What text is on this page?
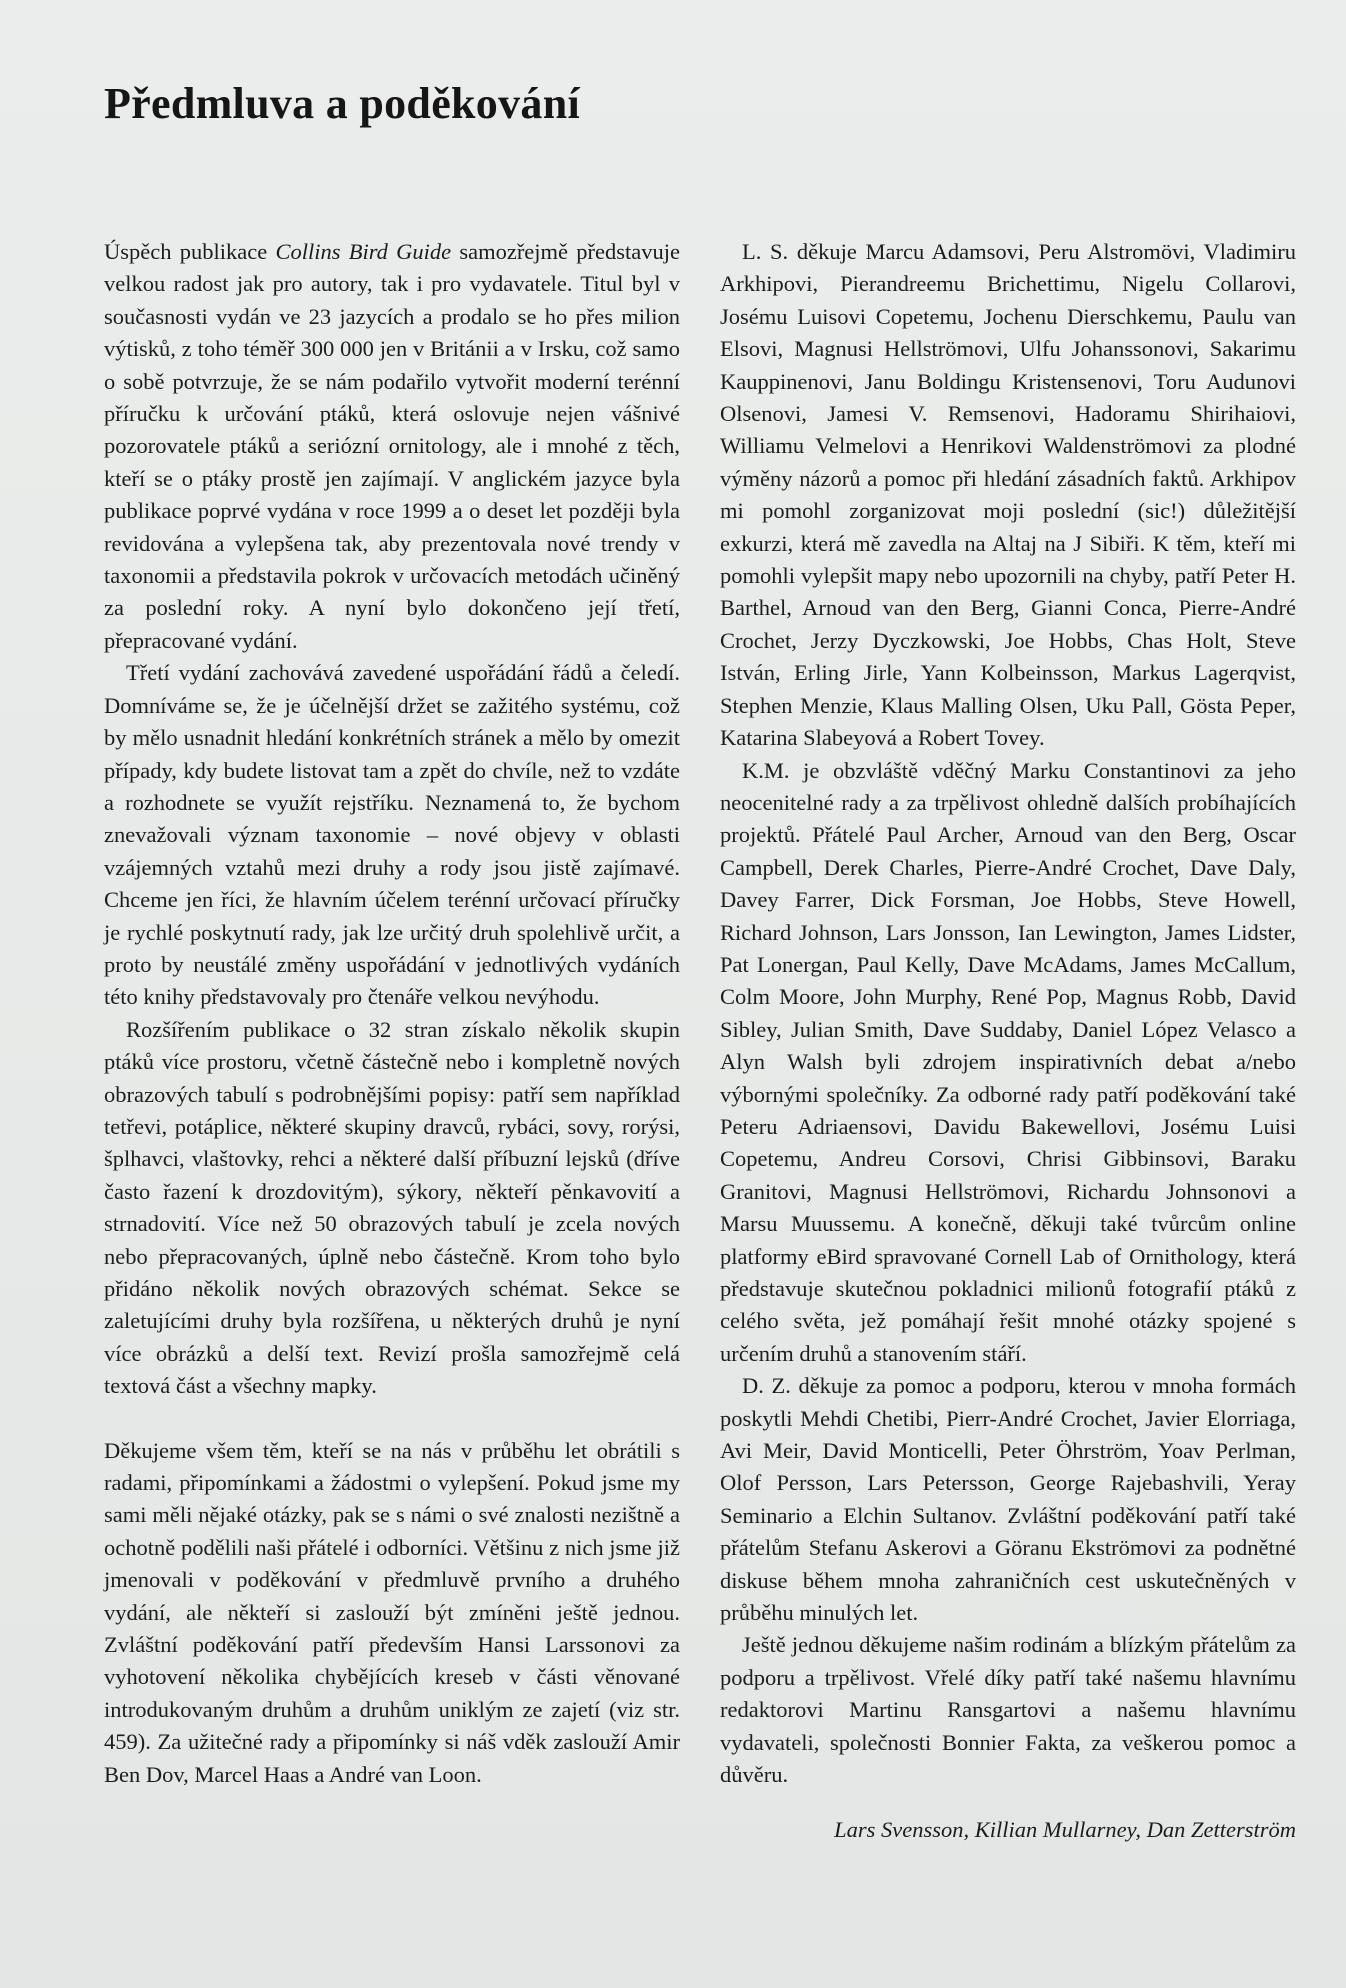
Předmluva a poděkování

Úspěch publikace Collins Bird Guide samozřejmě představuje velkou radost jak pro autory, tak i pro vydavatele. Titul byl v současnosti vydán ve 23 jazycích a prodalo se ho přes milion výtisků, z toho téměř 300 000 jen v Británii a v Irsku, což samo o sobě potvrzuje, že se nám podařilo vytvořit moderní terénní příručku k určování ptáků, která oslovuje nejen vášnivé pozorovatele ptáků a seriózní ornitology, ale i mnohé z těch, kteří se o ptáky prostě jen zajímají. V anglickém jazyce byla publikace poprvé vydána v roce 1999 a o deset let později byla revidována a vylepšena tak, aby prezentovala nové trendy v taxonomii a představila pokrok v určovacích metodách učiněný za poslední roky. A nyní bylo dokončeno její třetí, přepracované vydání.

Třetí vydání zachovává zavedené uspořádání řádů a čeledí. Domníváme se, že je účelnější držet se zažitého systému, což by mělo usnadnit hledání konkrétních stránek a mělo by omezit případy, kdy budete listovat tam a zpět do chvíle, než to vzdáte a rozhodnete se využít rejstříku. Neznamená to, že bychom znevažovali význam taxonomie – nové objevy v oblasti vzájemných vztahů mezi druhy a rody jsou jistě zajímavé. Chceme jen říci, že hlavním účelem terénní určovací příručky je rychlé poskytnutí rady, jak lze určitý druh spolehlivě určit, a proto by neustálé změny uspořádání v jednotlivých vydáních této knihy představovaly pro čtenáře velkou nevýhodu.

Rozšířením publikace o 32 stran získalo několik skupin ptáků více prostoru, včetně částečně nebo i kompletně nových obrazových tabulí s podrobnějšími popisy: patří sem například tetřevi, potáplice, některé skupiny dravců, rybáci, sovy, rorýsi, šplhavci, vlaštovky, rehci a některé další příbuzní lejsků (dříve často řazení k drozdovitým), sýkory, někteří pěnkavovití a strnadovití. Více než 50 obrazových tabulí je zcela nových nebo přepracovaných, úplně nebo částečně. Krom toho bylo přidáno několik nových obrazových schémat. Sekce se zaletujícími druhy byla rozšířena, u některých druhů je nyní více obrázků a delší text. Revizí prošla samozřejmě celá textová část a všechny mapky.

Děkujeme všem těm, kteří se na nás v průběhu let obrátili s radami, připomínkami a žádostmi o vylepšení. Pokud jsme my sami měli nějaké otázky, pak se s námi o své znalosti nezištně a ochotně podělili naši přátelé i odborníci. Většinu z nich jsme již jmenovali v poděkování v předmluvě prvního a druhého vydání, ale někteří si zaslouží být zmíněni ještě jednou. Zvláštní poděkování patří především Hansi Larssonovi za vyhotovení několika chybějících kreseb v části věnované introdukovaným druhům a druhům uniklým ze zajetí (viz str. 459). Za užitečné rady a připomínky si náš vděk zaslouží Amir Ben Dov, Marcel Haas a André van Loon.

L. S. děkuje Marcu Adamsovi, Peru Alstromövi, Vladimiru Arkhipovi, Pierandreemu Brichettimu, Nigelu Collarovi, Josému Luisovi Copetemu, Jochenu Dierschkemu, Paulu van Elsovi, Magnusi Hellströmovi, Ulfu Johanssonovi, Sakarimu Kauppinenovi, Janu Boldingu Kristensenovi, Toru Audunovi Olsenovi, Jamesi V. Remsenovi, Hadoramu Shirihaiovi, Williamu Velmelovi a Henrikovi Waldenströmovi za plodné výměny názorů a pomoc při hledání zásadních faktů. Arkhipov mi pomohl zorganizovat moji poslední (sic!) důležitější exkurzi, která mě zavedla na Altaj na J Sibiři. K těm, kteří mi pomohli vylepšit mapy nebo upozornili na chyby, patří Peter H. Barthel, Arnoud van den Berg, Gianni Conca, Pierre-André Crochet, Jerzy Dyczkowski, Joe Hobbs, Chas Holt, Steve István, Erling Jirle, Yann Kolbeinsson, Markus Lagerqvist, Stephen Menzie, Klaus Malling Olsen, Uku Pall, Gösta Peper, Katarina Slabeyová a Robert Tovey.

K.M. je obzvláště vděčný Marku Constantinovi za jeho neocenitelné rady a za trpělivost ohledně dalších probíhajících projektů. Přátelé Paul Archer, Arnoud van den Berg, Oscar Campbell, Derek Charles, Pierre-André Crochet, Dave Daly, Davey Farrer, Dick Forsman, Joe Hobbs, Steve Howell, Richard Johnson, Lars Jonsson, Ian Lewington, James Lidster, Pat Lonergan, Paul Kelly, Dave McAdams, James McCallum, Colm Moore, John Murphy, René Pop, Magnus Robb, David Sibley, Julian Smith, Dave Suddaby, Daniel López Velasco a Alyn Walsh byli zdrojem inspirativních debat a/nebo výbornými společníky. Za odborné rady patří poděkování také Peteru Adriaensovi, Davidu Bakewellovi, Josému Luisi Copetemu, Andreu Corsovi, Chrisi Gibbinsovi, Baraku Granitovi, Magnusi Hellströmovi, Richardu Johnsonovi a Marsu Muussemu. A konečně, děkuji také tvůrcům online platformy eBird spravované Cornell Lab of Ornithology, která představuje skutečnou pokladnici milionů fotografií ptáků z celého světa, jež pomáhají řešit mnohé otázky spojené s určením druhů a stanovením stáří.

D. Z. děkuje za pomoc a podporu, kterou v mnoha formách poskytli Mehdi Chetibi, Pierr-André Crochet, Javier Elorriaga, Avi Meir, David Monticelli, Peter Öhrström, Yoav Perlman, Olof Persson, Lars Petersson, George Rajebashvili, Yeray Seminario a Elchin Sultanov. Zvláštní poděkování patří také přátelům Stefanu Askerovi a Göranu Ekströmovi za podnětné diskuse během mnoha zahraničních cest uskutečněných v průběhu minulých let.

Ještě jednou děkujeme našim rodinám a blízkým přátelům za podporu a trpělivost. Vřelé díky patří také našemu hlavnímu redaktorovi Martinu Ransgartovi a našemu hlavnímu vydavateli, společnosti Bonnier Fakta, za veškerou pomoc a důvěru.

Lars Svensson, Killian Mullarney, Dan Zetterström
